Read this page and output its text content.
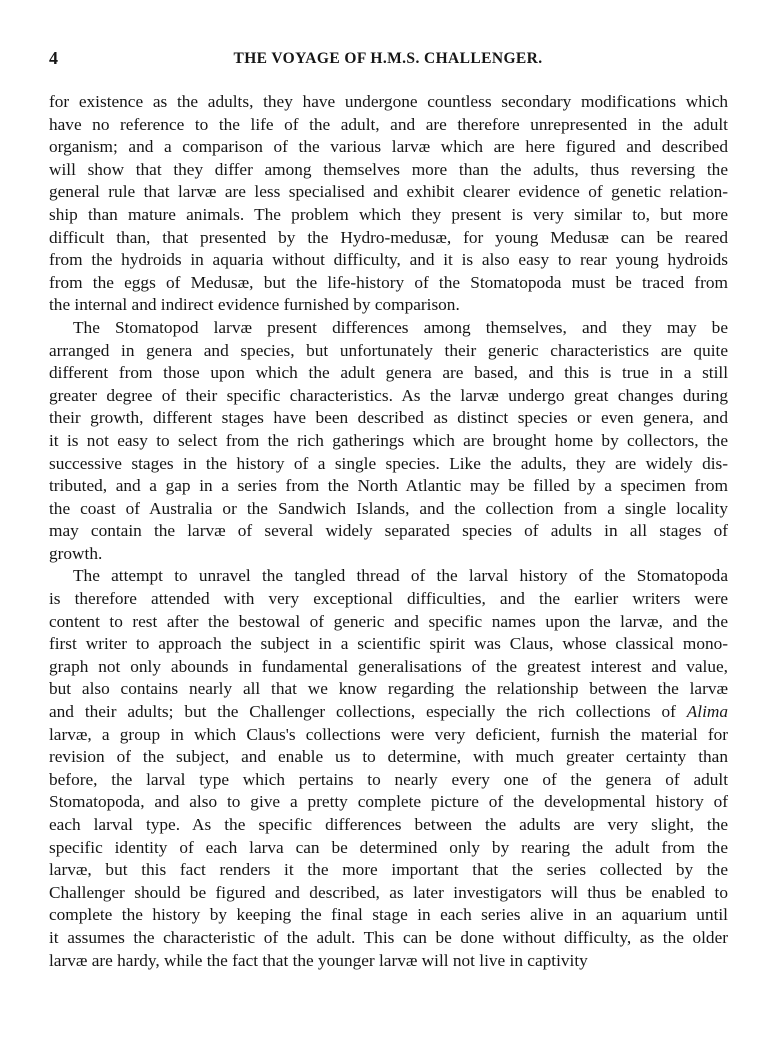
4	THE VOYAGE OF H.M.S. CHALLENGER.
for existence as the adults, they have undergone countless secondary modifications which
have no reference to the life of the adult, and are therefore unrepresented in the adult
organism; and a comparison of the various larvæ which are here figured and described
will show that they differ among themselves more than the adults, thus reversing the
general rule that larvæ are less specialised and exhibit clearer evidence of genetic relation-
ship than mature animals. The problem which they present is very similar to, but more
difficult than, that presented by the Hydro-medusæ, for young Medusæ can be reared
from the hydroids in aquaria without difficulty, and it is also easy to rear young hydroids
from the eggs of Medusæ, but the life-history of the Stomatopoda must be traced from
the internal and indirect evidence furnished by comparison.
The Stomatopod larvæ present differences among themselves, and they may be
arranged in genera and species, but unfortunately their generic characteristics are quite
different from those upon which the adult genera are based, and this is true in a still
greater degree of their specific characteristics. As the larvæ undergo great changes during
their growth, different stages have been described as distinct species or even genera, and
it is not easy to select from the rich gatherings which are brought home by collectors, the
successive stages in the history of a single species. Like the adults, they are widely dis-
tributed, and a gap in a series from the North Atlantic may be filled by a specimen from
the coast of Australia or the Sandwich Islands, and the collection from a single locality
may contain the larvæ of several widely separated species of adults in all stages of
growth.
The attempt to unravel the tangled thread of the larval history of the Stomatopoda
is therefore attended with very exceptional difficulties, and the earlier writers were
content to rest after the bestowal of generic and specific names upon the larvæ, and the
first writer to approach the subject in a scientific spirit was Claus, whose classical mono-
graph not only abounds in fundamental generalisations of the greatest interest and value,
but also contains nearly all that we know regarding the relationship between the larvæ
and their adults; but the Challenger collections, especially the rich collections of Alima
larvæ, a group in which Claus's collections were very deficient, furnish the material for
revision of the subject, and enable us to determine, with much greater certainty than
before, the larval type which pertains to nearly every one of the genera of adult
Stomatopoda, and also to give a pretty complete picture of the developmental history of
each larval type. As the specific differences between the adults are very slight, the
specific identity of each larva can be determined only by rearing the adult from the
larvæ, but this fact renders it the more important that the series collected by the
Challenger should be figured and described, as later investigators will thus be enabled to
complete the history by keeping the final stage in each series alive in an aquarium until
it assumes the characteristic of the adult. This can be done without difficulty, as the older
larvæ are hardy, while the fact that the younger larvæ will not live in captivity
